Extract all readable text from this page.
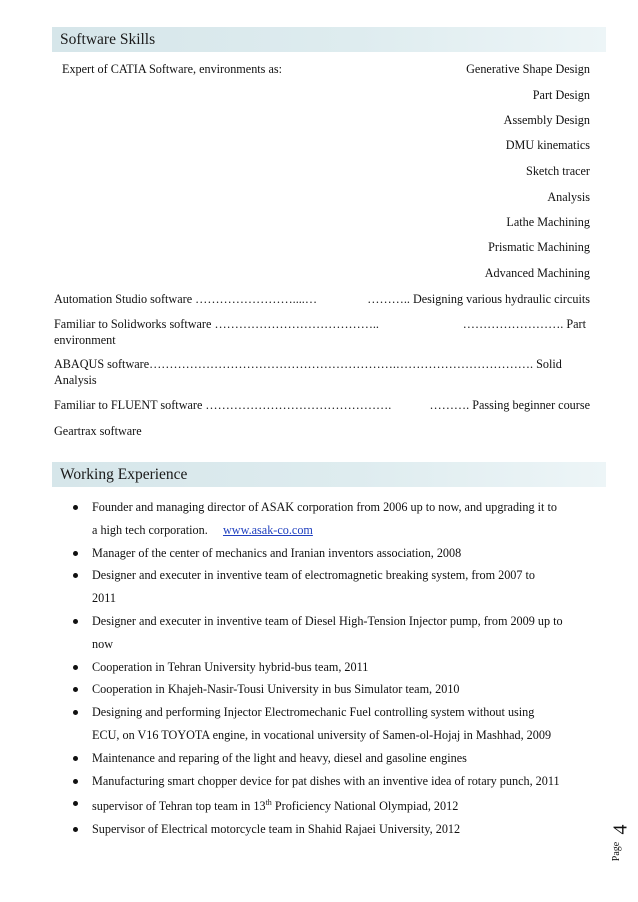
Software Skills
Expert of CATIA Software, environments as:	Generative Shape Design
Part Design
Assembly Design
DMU kinematics
Sketch tracer
Analysis
Lathe Machining
Prismatic Machining
Advanced Machining
Automation Studio software ……………………....…	……….. Designing various hydraulic circuits
Familiar to Solidworks software …………………………………..	……………………. Part
environment
ABAQUS software…………………………………………………….……………………………. Solid
Analysis
Familiar to FLUENT software ……………………………………….	………. Passing beginner course
Geartrax software
Working Experience
Founder and managing director of ASAK corporation from 2006 up to now, and upgrading it to
a high tech corporation. www.asak-co.com
Manager of the center of mechanics and Iranian inventors association, 2008
Designer and executer in inventive team of electromagnetic breaking system, from 2007 to
2011
Designer and executer in inventive team of Diesel High-Tension Injector pump, from 2009 up to
now
Cooperation in Tehran University hybrid-bus team, 2011
Cooperation in Khajeh-Nasir-Tousi University in bus Simulator team, 2010
Designing and performing Injector Electromechanic Fuel controlling system without using
ECU, on V16 TOYOTA engine, in vocational university of Samen-ol-Hojaj in Mashhad, 2009
Maintenance and reparing of the light and heavy, diesel and gasoline engines
Manufacturing smart chopper device for pat dishes with an inventive idea of rotary punch, 2011
supervisor of Tehran top team in 13th Proficiency National Olympiad, 2012
Supervisor of Electrical motorcycle team in Shahid Rajaei University, 2012	4
Page
